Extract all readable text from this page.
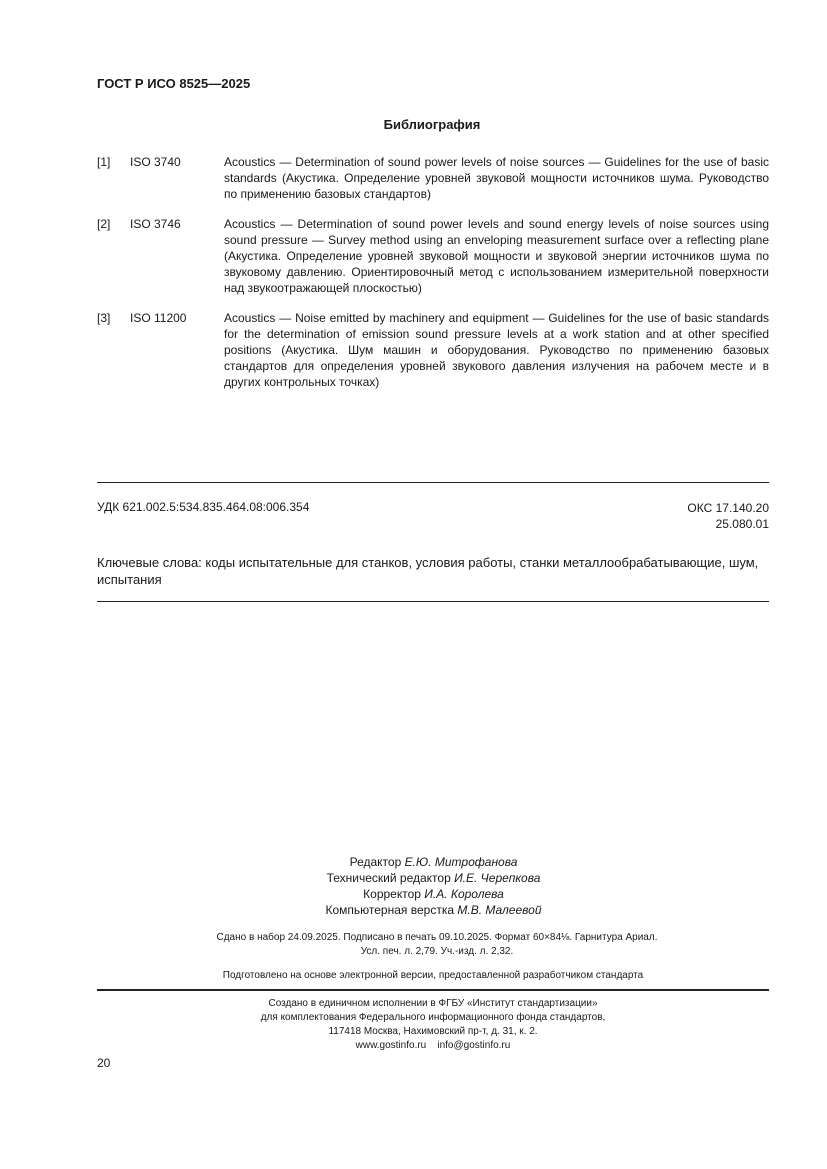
ГОСТ Р ИСО 8525—2025
Библиография
[1] ISO 3740	Acoustics — Determination of sound power levels of noise sources — Guidelines for the use of basic standards (Акустика. Определение уровней звуковой мощности источников шума. Руководство по применению базовых стандартов)
[2] ISO 3746	Acoustics — Determination of sound power levels and sound energy levels of noise sources using sound pressure — Survey method using an enveloping measurement surface over a reflecting plane (Акустика. Определение уровней звуковой мощности и звуковой энергии источников шума по звуковому давлению. Ориентировочный метод с использованием измерительной поверхности над звукоотражающей плоскостью)
[3] ISO 11200	Acoustics — Noise emitted by machinery and equipment — Guidelines for the use of basic standards for the determination of emission sound pressure levels at a work station and at other specified positions (Акустика. Шум машин и оборудования. Руководство по применению базовых стандартов для определения уровней звукового давления излучения на рабочем месте и в других контрольных точках)
УДК 621.002.5:534.835.464.08:006.354	ОКС 17.140.20
25.080.01
Ключевые слова: коды испытательные для станков, условия работы, станки металлообрабатывающие, шум, испытания
Редактор Е.Ю. Митрофанова
Технический редактор И.Е. Черепкова
Корректор И.А. Королева
Компьютерная верстка М.В. Малеевой
Сдано в набор 24.09.2025. Подписано в печать 09.10.2025. Формат 60×84⅛. Гарнитура Ариал.
Усл. печ. л. 2,79. Уч.-изд. л. 2,32.
Подготовлено на основе электронной версии, предоставленной разработчиком стандарта
Создано в единичном исполнении в ФГБУ «Институт стандартизации»
для комплектования Федерального информационного фонда стандартов,
117418 Москва, Нахимовский пр-т, д. 31, к. 2.
www.gostinfo.ru    info@gostinfo.ru
20
